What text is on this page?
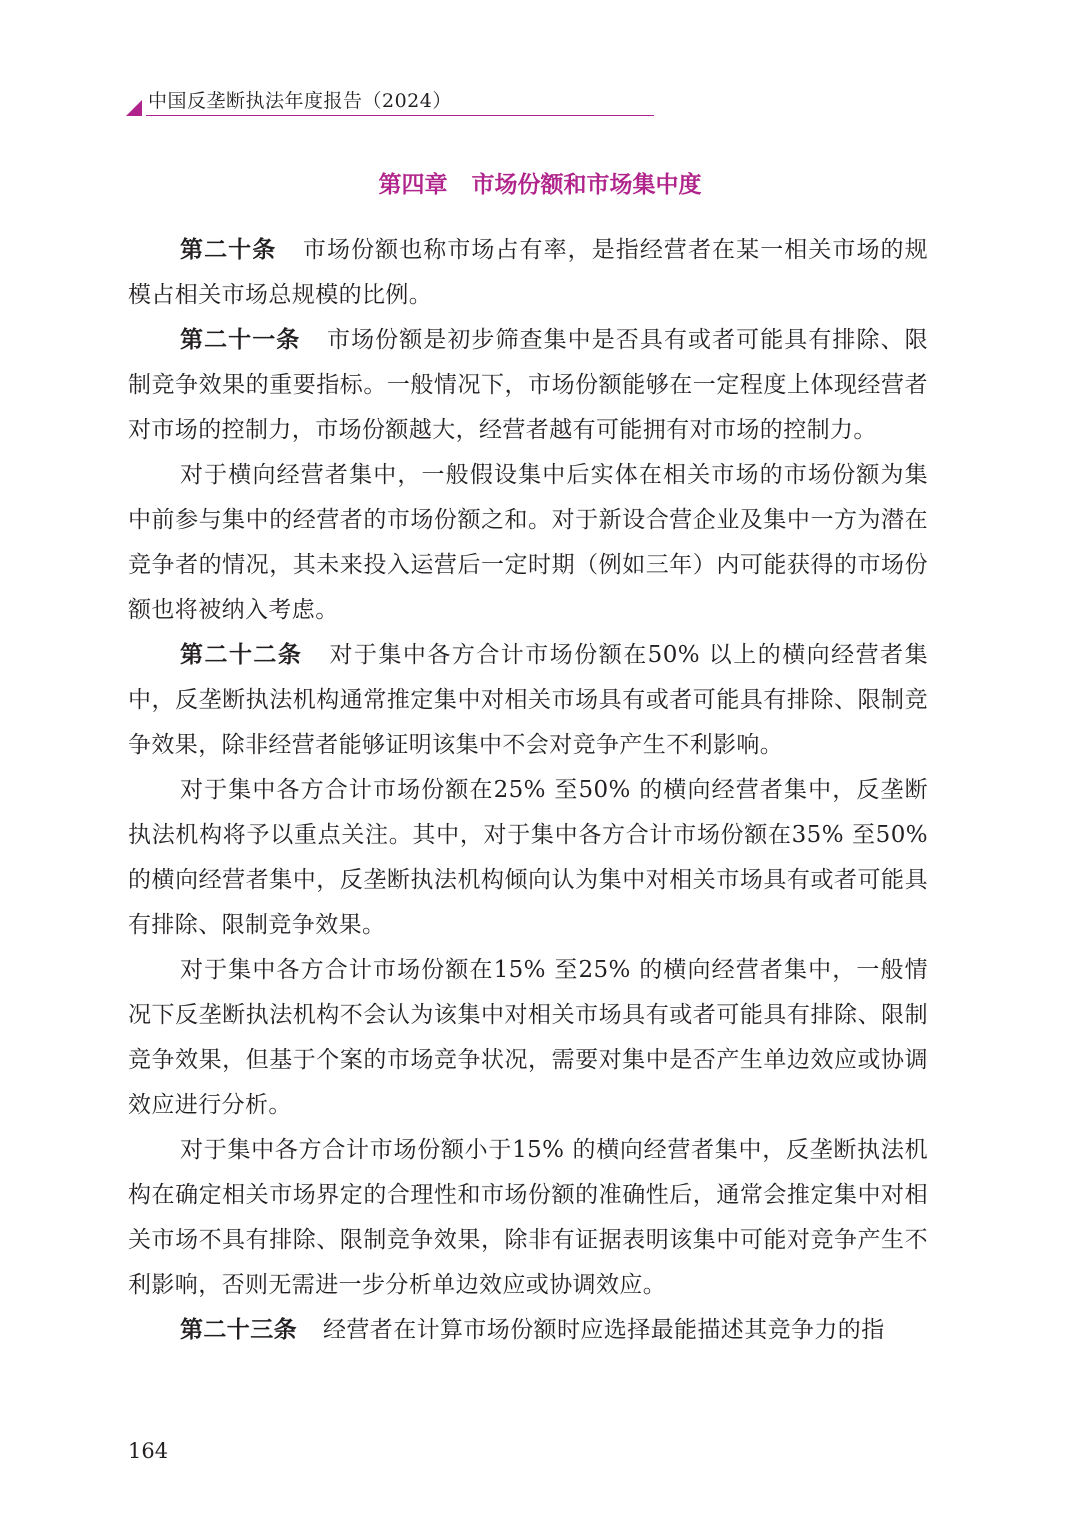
中国反垄断执法年度报告（2024）
第四章 市场份额和市场集中度

第二十条 市场份额也称市场占有率，是指经营者在某一相关市场的规模占相关市场总规模的比例。

第二十一条 市场份额是初步筛查集中是否具有或者可能具有排除、限制竞争效果的重要指标。一般情况下，市场份额能够在一定程度上体现经营者对市场的控制力，市场份额越大，经营者越有可能拥有对市场的控制力。

对于横向经营者集中，一般假设集中后实体在相关市场的市场份额为集中前参与集中的经营者的市场份额之和。对于新设合营企业及集中一方为潜在竞争者的情况，其未来投入运营后一定时期（例如三年）内可能获得的市场份额也将被纳入考虑。

第二十二条 对于集中各方合计市场份额在50% 以上的横向经营者集中，反垄断执法机构通常推定集中对相关市场具有或者可能具有排除、限制竞争效果，除非经营者能够证明该集中不会对竞争产生不利影响。

对于集中各方合计市场份额在25% 至50% 的横向经营者集中，反垄断执法机构将予以重点关注。其中，对于集中各方合计市场份额在35% 至50% 的横向经营者集中，反垄断执法机构倾向认为集中对相关市场具有或者可能具有排除、限制竞争效果。

对于集中各方合计市场份额在15% 至25% 的横向经营者集中，一般情况下反垄断执法机构不会认为该集中对相关市场具有或者可能具有排除、限制竞争效果，但基于个案的市场竞争状况，需要对集中是否产生单边效应或协调效应进行分析。

对于集中各方合计市场份额小于15% 的横向经营者集中，反垄断执法机构在确定相关市场界定的合理性和市场份额的准确性后，通常会推定集中对相关市场不具有排除、限制竞争效果，除非有证据表明该集中可能对竞争产生不利影响，否则无需进一步分析单边效应或协调效应。

第二十三条 经营者在计算市场份额时应选择最能描述其竞争力的指

164
